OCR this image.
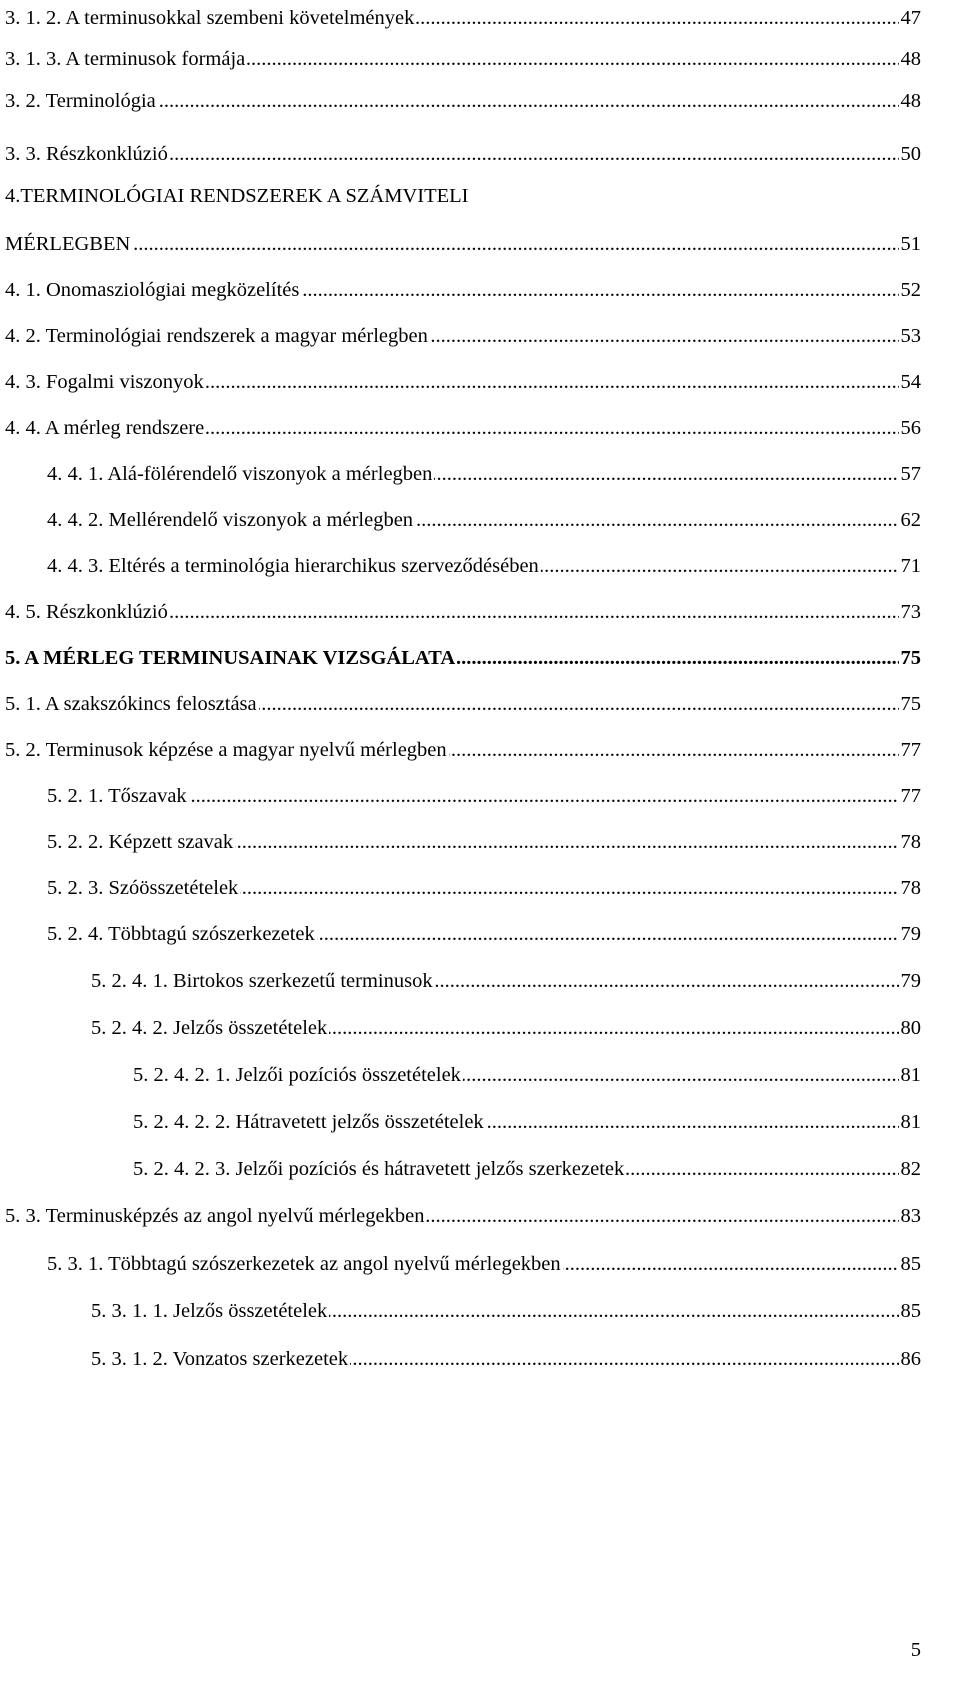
.....
3. 1. 2. A terminusokkal szembeni követelmények	47
.....
3. 1. 3. A terminusok formája	48
.....
3. 2. Terminológia	48
.....
3. 3. Részkonklúzió	50
4.TERMINOLÓGIAI RENDSZEREK A SZÁMVITELI
.....
MÉRLEGBEN	51
.....
4. 1. Onomasziológiai megközelítés	52
.....
4. 2. Terminológiai rendszerek a magyar mérlegben	53
.....
4. 3. Fogalmi viszonyok	54
.....
4. 4. A mérleg rendszere	56
.....
4. 4. 1. Alá-fölérendelő viszonyok a mérlegben	57
.....
4. 4. 2. Mellérendelő viszonyok a mérlegben	62
.....
4. 4. 3. Eltérés a terminológia hierarchikus szerveződésében	71
.....
4. 5. Részkonklúzió	73
.....
5. A MÉRLEG TERMINUSAINAK VIZSGÁLATA	75
.....
5. 1. A szakszókincs felosztása	75
.....
5. 2. Terminusok képzése a magyar nyelvű mérlegben	77
.....
5. 2. 1. Tőszavak	77
.....
5. 2. 2. Képzett szavak	78
.....
5. 2. 3. Szóösszetételek	78
.....
5. 2. 4. Többtagú szószerkezetek	79
.....
5. 2. 4. 1. Birtokos szerkezetű terminusok	79
.....
5. 2. 4. 2. Jelzős összetételek	80
.....
5. 2. 4. 2. 1. Jelzői pozíciós összetételek	81
.....
5. 2. 4. 2. 2. Hátravetett jelzős összetételek	81
.....
5. 2. 4. 2. 3. Jelzői pozíciós és hátravetett jelzős szerkezetek	82
.....
5. 3. Terminusképzés az angol nyelvű mérlegekben	83
.....
5. 3. 1. Többtagú szószerkezetek az angol nyelvű mérlegekben	85
.....
5. 3. 1. 1. Jelzős összetételek	85
.....
5. 3. 1. 2. Vonzatos szerkezetek	86
5
